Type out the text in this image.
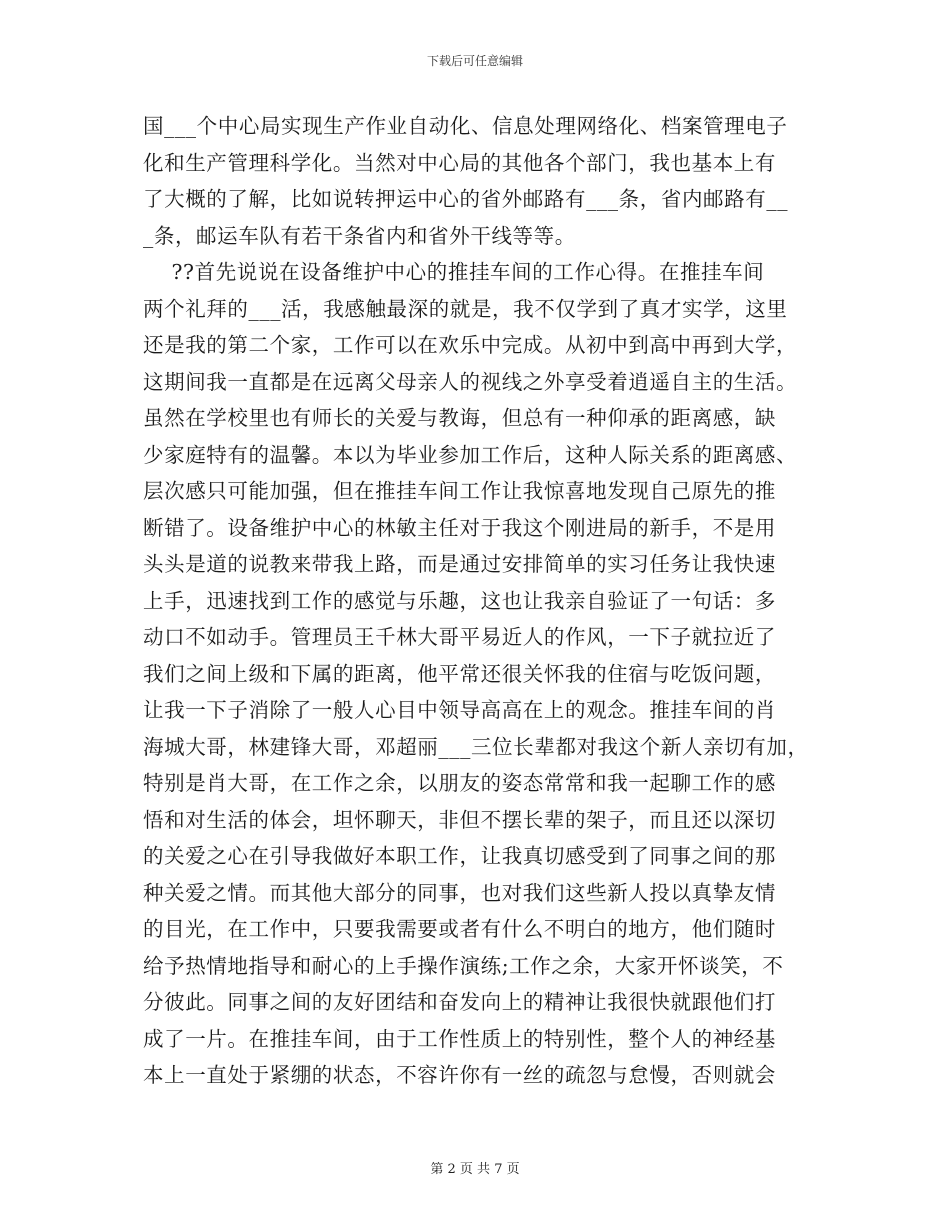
下载后可任意编辑
国___个中心局实现生产作业自动化、信息处理网络化、档案管理电子
化和生产管理科学化。当然对中心局的其他各个部门，我也基本上有
了大概的了解，比如说转押运中心的省外邮路有___条，省内邮路有__
_条，邮运车队有若干条省内和省外干线等等。
??首先说说在设备维护中心的推挂车间的工作心得。在推挂车间
两个礼拜的___活，我感触最深的就是，我不仅学到了真才实学，这里
还是我的第二个家，工作可以在欢乐中完成。从初中到高中再到大学，
这期间我一直都是在远离父母亲人的视线之外享受着逍遥自主的生活。
虽然在学校里也有师长的关爱与教诲，但总有一种仰承的距离感，缺
少家庭特有的温馨。本以为毕业参加工作后，这种人际关系的距离感、
层次感只可能加强，但在推挂车间工作让我惊喜地发现自己原先的推
断错了。设备维护中心的林敏主任对于我这个刚进局的新手，不是用
头头是道的说教来带我上路，而是通过安排简单的实习任务让我快速
上手，迅速找到工作的感觉与乐趣，这也让我亲自验证了一句话：多
动口不如动手。管理员王千林大哥平易近人的作风，一下子就拉近了
我们之间上级和下属的距离，他平常还很关怀我的住宿与吃饭问题，
让我一下子消除了一般人心目中领导高高在上的观念。推挂车间的肖
海城大哥，林建锋大哥，邓超丽___三位长辈都对我这个新人亲切有加，
特别是肖大哥，在工作之余，以朋友的姿态常常和我一起聊工作的感
悟和对生活的体会，坦怀聊天，非但不摆长辈的架子，而且还以深切
的关爱之心在引导我做好本职工作，让我真切感受到了同事之间的那
种关爱之情。而其他大部分的同事，也对我们这些新人投以真挚友情
的目光，在工作中，只要我需要或者有什么不明白的地方，他们随时
给予热情地指导和耐心的上手操作演练;工作之余，大家开怀谈笑，不
分彼此。同事之间的友好团结和奋发向上的精神让我很快就跟他们打
成了一片。在推挂车间，由于工作性质上的特别性，整个人的神经基
本上一直处于紧绷的状态，不容许你有一丝的疏忽与怠慢，否则就会
第 2 页 共 7 页
